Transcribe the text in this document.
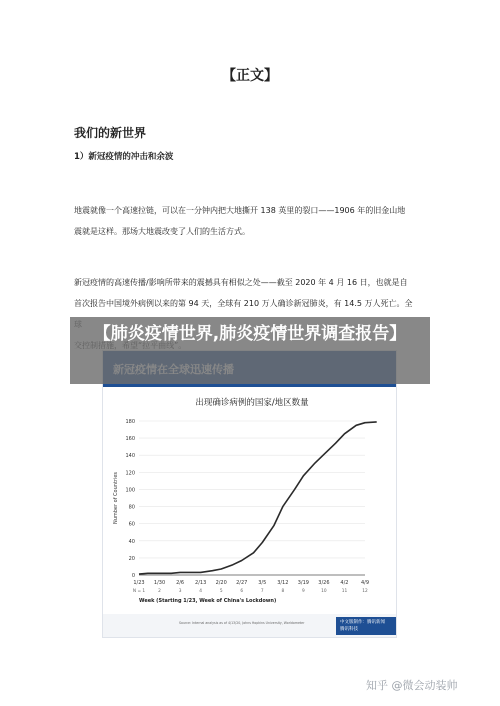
【正文】
我们的新世界
1）新冠疫情的冲击和余波
地震就像一个高速拉链，可以在一分钟内把大地撕开 138 英里的裂口——1906 年的旧金山地
震就是这样。那场大地震改变了人们的生活方式。
新冠疫情的高速传播/影响所带来的震撼具有相似之处——截至 2020 年 4 月 16 日，也就是自
首次报告中国境外病例以来的第 94 天，全球有 210 万人确诊新冠肺炎，有 14.5 万人死亡。全
出现确诊病例的国家/地区数量
0
20
40
60
80
100
120
140
160
180
1/23
N = 1
1/30
2
2/6
3
2/13
4
2/20
5
2/27
6
3/5
7
3/12
8
3/19
9
3/26
10
4/2
11
4/9
12
Number of Countries
Week (Starting 1/23, Week of China's Lockdown)
Source: Internal analysis as of 4/13/20, Johns Hopkins University, Worldometer	中文版制作：腾讯新闻
腾讯科技
【肺炎疫情世界,肺炎疫情世界调查报告】
知乎 @微会动装帅
